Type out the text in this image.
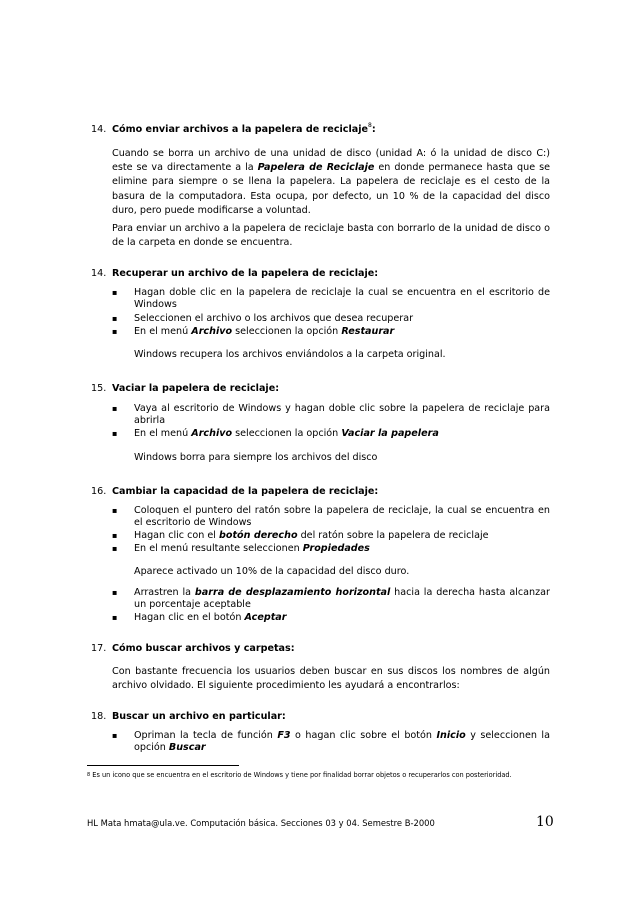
14. Cómo enviar archivos a la papelera de reciclaje$^8$:
Cuando se borra un archivo de una unidad de disco (unidad A: ó la unidad de disco C:) este se va directamente a la Papelera de Reciclaje en donde permanece hasta que se elimine para siempre o se llena la papelera. La papelera de reciclaje es el cesto de la basura de la computadora. Esta ocupa, por defecto, un 10 % de la capacidad del disco duro, pero puede modificarse a voluntad.
Para enviar un archivo a la papelera de reciclaje basta con borrarlo de la unidad de disco o de la carpeta en donde se encuentra.
14. Recuperar un archivo de la papelera de reciclaje:
▪ Hagan doble clic en la papelera de reciclaje la cual se encuentra en el escritorio de Windows
▪ Seleccionen el archivo o los archivos que desea recuperar
▪ En el menú Archivo seleccionen la opción Restaurar
Windows recupera los archivos enviándolos a la carpeta original.
15. Vaciar la papelera de reciclaje:
▪ Vaya al escritorio de Windows y hagan doble clic sobre la papelera de reciclaje para abrirla
▪ En el menú Archivo seleccionen la opción Vaciar la papelera
Windows borra para siempre los archivos del disco
16. Cambiar la capacidad de la papelera de reciclaje:
▪ Coloquen el puntero del ratón sobre la papelera de reciclaje, la cual se encuentra en el escritorio de Windows
▪ Hagan clic con el botón derecho del ratón sobre la papelera de reciclaje
▪ En el menú resultante seleccionen Propiedades
Aparece activado un 10% de la capacidad del disco duro.
▪ Arrastren la barra de desplazamiento horizontal hacia la derecha hasta alcanzar un porcentaje aceptable
▪ Hagan clic en el botón Aceptar
17. Cómo buscar archivos y carpetas:
Con bastante frecuencia los usuarios deben buscar en sus discos los nombres de algún archivo olvidado. El siguiente procedimiento les ayudará a encontrarlos:
18. Buscar un archivo en particular:
▪ Opriman la tecla de función F3 o hagan clic sobre el botón Inicio y seleccionen la opción Buscar
$^8$ Es un icono que se encuentra en el escritorio de Windows y tiene por finalidad borrar objetos o recuperarlos con posterioridad.
HL Mata hmata@ula.ve. Computación básica. Secciones 03 y 04. Semestre B-2000	10
